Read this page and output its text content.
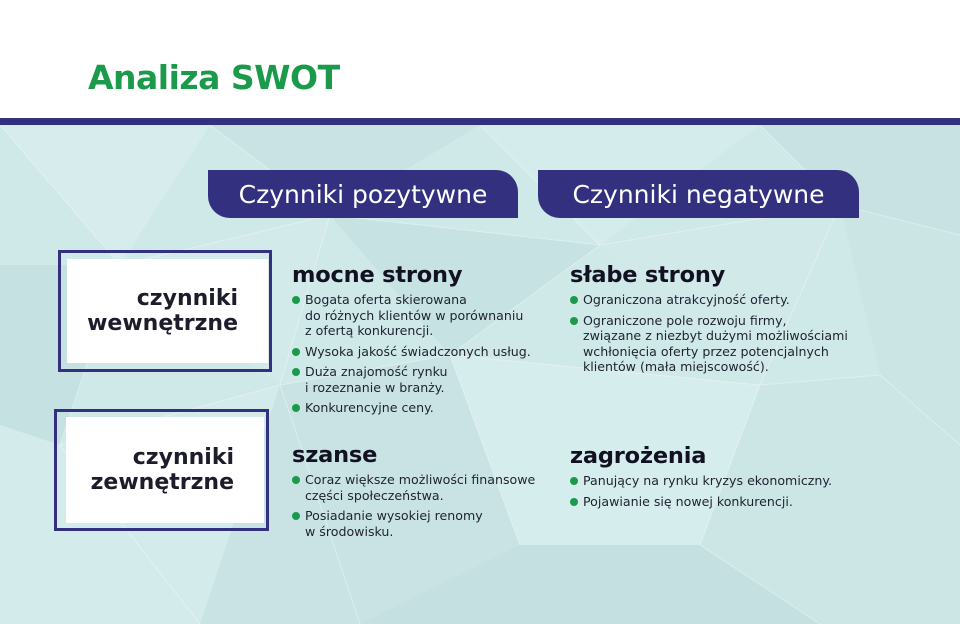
Analiza SWOT
Czynniki pozytywne	Czynniki negatywne
czynniki
wewnętrzne
czynniki
zewnętrzne
mocne strony
Bogata oferta skierowana
do różnych klientów w porównaniu
z ofertą konkurencji.
Wysoka jakość świadczonych usług.
Duża znajomość rynku
i rozeznanie w branży.
Konkurencyjne ceny.
słabe strony
Ograniczona atrakcyjność oferty.
Ograniczone pole rozwoju firmy,
związane z niezbyt dużymi możliwościami
wchłonięcia oferty przez potencjalnych
klientów (mała miejscowość).
szanse
Coraz większe możliwości finansowe
części społeczeństwa.
Posiadanie wysokiej renomy
w środowisku.
zagrożenia
Panujący na rynku kryzys ekonomiczny.
Pojawianie się nowej konkurencji.
